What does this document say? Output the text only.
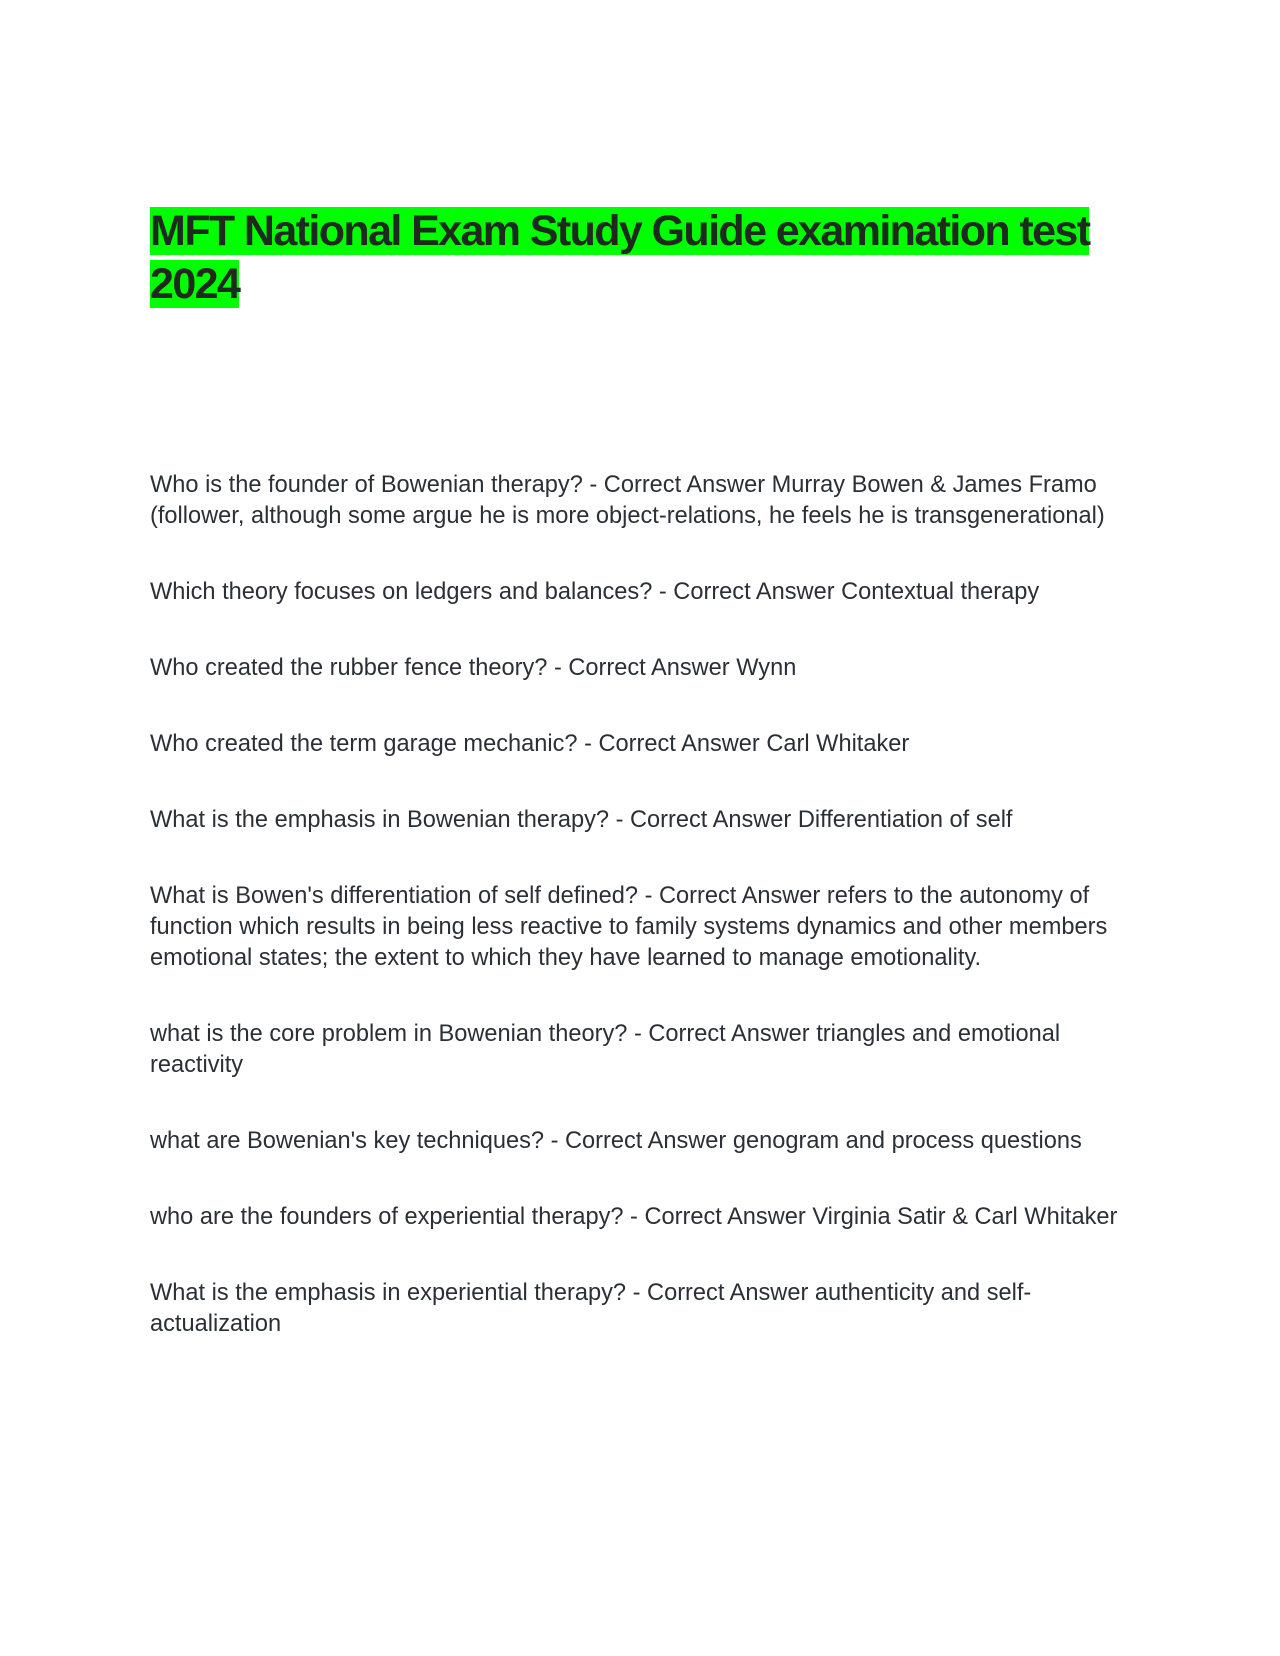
MFT National Exam Study Guide examination test 2024
Who is the founder of Bowenian therapy? - Correct Answer Murray Bowen & James Framo (follower, although some argue he is more object-relations, he feels he is transgenerational)
Which theory focuses on ledgers and balances? - Correct Answer Contextual therapy
Who created the rubber fence theory? - Correct Answer Wynn
Who created the term garage mechanic? - Correct Answer Carl Whitaker
What is the emphasis in Bowenian therapy? - Correct Answer Differentiation of self
What is Bowen's differentiation of self defined? - Correct Answer refers to the autonomy of function which results in being less reactive to family systems dynamics and other members emotional states; the extent to which they have learned to manage emotionality.
what is the core problem in Bowenian theory? - Correct Answer triangles and emotional reactivity
what are Bowenian's key techniques? - Correct Answer genogram and process questions
who are the founders of experiential therapy? - Correct Answer Virginia Satir & Carl Whitaker
What is the emphasis in experiential therapy? - Correct Answer authenticity and self-actualization
